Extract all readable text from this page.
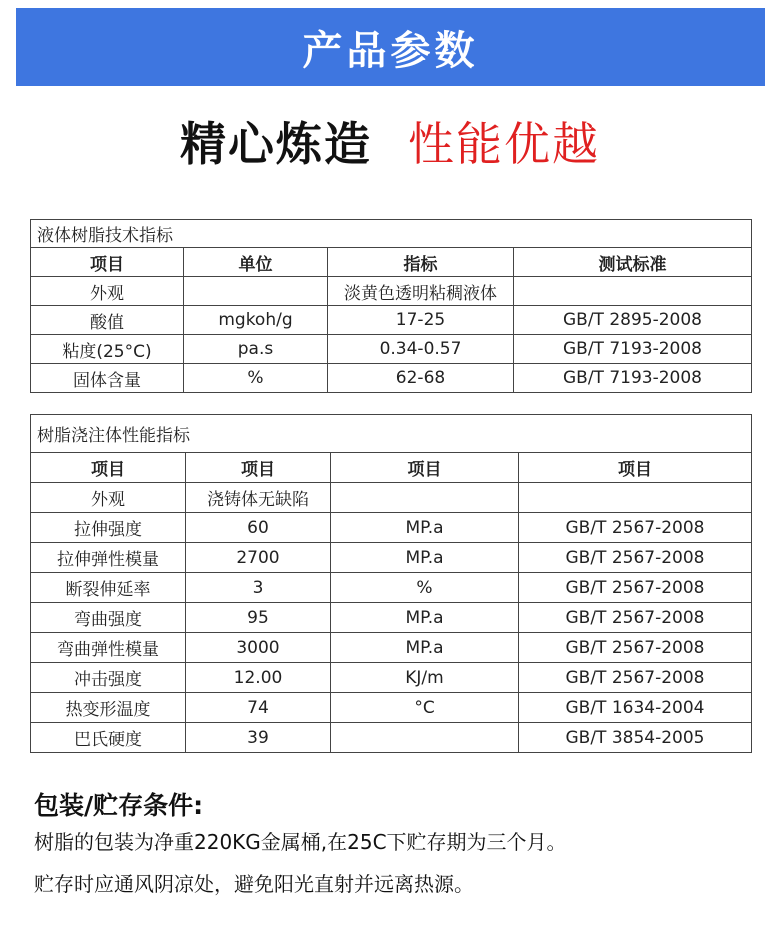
产品参数
精心炼造 性能优越
液体树脂技术指标			
项目	单位	指标	测试标准
外观		淡黄色透明粘稠液体	
酸值	mgkoh/g	17-25	GB/T 2895-2008
粘度(25°C)	pa.s	0.34-0.57	GB/T 7193-2008
固体含量	%	62-68	GB/T 7193-2008
树脂浇注体性能指标			
项目	项目	项目	项目
外观	浇铸体无缺陷		
拉伸强度	60	MP.a	GB/T 2567-2008
拉伸弹性模量	2700	MP.a	GB/T 2567-2008
断裂伸延率	3	%	GB/T 2567-2008
弯曲强度	95	MP.a	GB/T 2567-2008
弯曲弹性模量	3000	MP.a	GB/T 2567-2008
冲击强度	12.00	KJ/m	GB/T 2567-2008
热变形温度	74	°C	GB/T 1634-2004
巴氏硬度	39		GB/T 3854-2005
包装/贮存条件:
树脂的包装为净重220KG金属桶,在25C下贮存期为三个月。
贮存时应通风阴凉处，避免阳光直射并远离热源。
